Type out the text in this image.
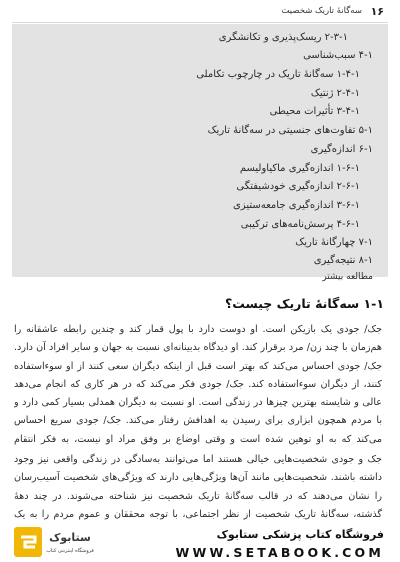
۱۶
سه‌گانهٔ تاریک شخصیت
۲-۳-۱ ریسک‌پذیری و تکانشگری
۴-۱ سبب‌شناسی
۱-۴-۱ سه‌گانهٔ تاریک در چارچوب تکاملی
۲-۴-۱ ژنتیک
۳-۴-۱ تأثیرات محیطی
۵-۱ تفاوت‌های جنسیتی در سه‌گانهٔ تاریک
۶-۱ اندازه‌گیری
۱-۶-۱ اندازه‌گیری ماکیاولیسم
۲-۶-۱ اندازه‌گیری خودشیفتگی
۳-۶-۱ اندازه‌گیری جامعه‌ستیزی
۴-۶-۱ پرسش‌نامه‌های ترکیبی
۷-۱ چهارگانهٔ تاریک
۸-۱ نتیجه‌گیری
مطالعه بیشتر
۱-۱ سه‌گانهٔ تاریک چیست؟

جک/ جودی یک بازیکن است. او دوست دارد با پول قمار کند و چندین رابطه عاشقانه را هم‌زمان با چند زن/ مرد برقرار کند. او دیدگاه بدبینانه‌ای نسبت به جهان و سایر افراد آن دارد. جک/ جودی احساس می‌کند که بهتر است قبل از اینکه دیگران سعی کنند از او سوءاستفاده کنند، از دیگران سوءاستفاده کند. جک/ جودی فکر می‌کند که در هر کاری که انجام می‌دهد عالی و شایسته بهترین چیزها در زندگی است. او نسبت به دیگران همدلی بسیار کمی دارد و با مردم همچون ابزاری برای رسیدن به اهدافش رفتار می‌کند. جک/ جودی سریع احساس می‌کند که به او توهین شده است و وقتی اوضاع بر وفق مراد او نیست، به فکر انتقام

جک و جودی شخصیت‌هایی خیالی هستند اما می‌توانند به‌سادگی در زندگی واقعی نیز وجود داشته باشند. شخصیت‌هایی مانند آن‌ها ویژگی‌هایی دارند که ویژگی‌های شخصیت آسیب‌رسان را نشان می‌دهند که در قالب سه‌گانهٔ تاریک شخصیت نیز شناخته می‌شوند. در چند دههٔ گذشته، سه‌گانهٔ تاریک شخصیت از نظر اجتماعی، با توجه محققان و عموم مردم را به یک

ستابوک
فروشگاه اینترنتی کتاب
فروشگاه کتاب پزشکی ستابوک
WWW.SETABOOK.COM
